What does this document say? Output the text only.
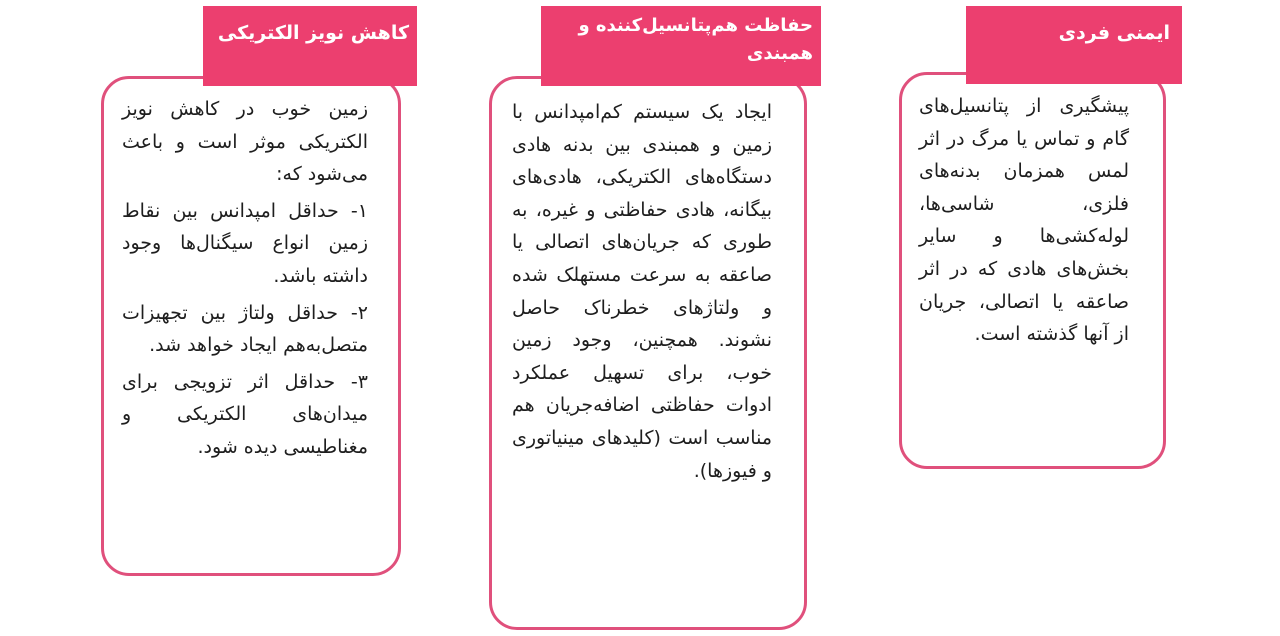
ایمنی فردی

پیشگیری از پتانسیل‌های گام و تماس یا مرگ در اثر لمس همزمان بدنه‌های فلزی، شاسی‌ها، لوله‌کشی‌ها و سایر بخش‌های هادی که در اثر صاعقه یا اتصالی، جریان از آنها گذشته است.

حفاظت هم‌پتانسیل‌کننده و همبندی

ایجاد یک سیستم کم‌امپدانس با زمین و همبندی بین بدنه هادی دستگاه‌های الکتریکی، هادی‌های بیگانه، هادی حفاظتی و غیره، به طوری که جریان‌های اتصالی یا صاعقه به سرعت مستهلک شده و ولتاژهای خطرناک حاصل نشوند. همچنین، وجود زمین خوب، برای تسهیل عملکرد ادوات حفاظتی اضافه‌جریان هم مناسب است (کلیدهای مینیاتوری و فیوزها).

کاهش نویز الکتریکی

زمین خوب در کاهش نویز الکتریکی موثر است و باعث می‌شود که:

۱- حداقل امپدانس بین نقاط زمین انواع سیگنال‌ها وجود داشته باشد.

۲- حداقل ولتاژ بین تجهیزات متصل‌به‌هم ایجاد خواهد شد.

۳- حداقل اثر تزویجی برای میدان‌های الکتریکی و مغناطیسی دیده شود.
